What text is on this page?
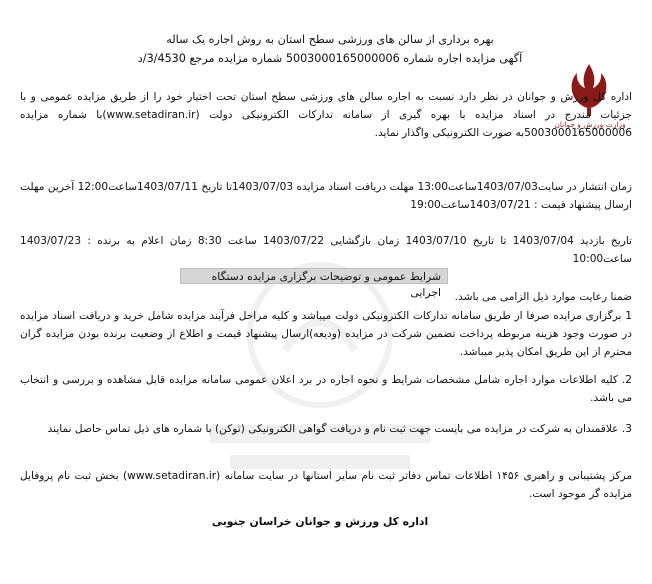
وزارت ورزش و جوانان
بهره برداری از سالن های ورزشی سطح استان به روش اجاره یک ساله
آگهی مزایده اجاره شماره 5003000165000006 شماره مزایده مرجع 3/4530/د
اداره کل ورزش و جوانان در نظر دارد نسبت به اجاره سالن های ورزشی سطح استان تحت اختیار خود را از طریق مزایده عمومی و با جزئیات مندرج در اسناد مزایده با بهره گیری از سامانه تدارکات الکترونیکی دولت (www.setadiran.ir)با شماره مزایده 5003000165000006به صورت الکترونیکی واگذار نماید.
زمان انتشار در سایت1403/07/03ساعت13:00 مهلت دریافت اسناد مزایده 1403/07/03تا تاریخ 1403/07/11ساعت12:00 آخرین مهلت ارسال پیشنهاد قیمت : 1403/07/21ساعت19:00
تاریخ بازدید 1403/07/04 تا تاریخ 1403/07/10 زمان بازگشایی 1403/07/22 ساعت 8:30 زمان اعلام به برنده : 1403/07/23 ساعت10:00
شرایط عمومی و توضیحات برگزاری مزایده دستگاه اجرایی	ضمنا رعایت موارد ذیل الزامی می باشد.
1 برگزاری مزایده صرفا از طریق سامانه تدارکات الکترونیکی دولت میباشد و کلیه مراحل فرآیند مزایده شامل خرید و دریافت اسناد مزایده در صورت وجود هزینه مربوطه پرداخت تضمین شرکت در مزایده (ودیعه)ارسال پیشنهاد قیمت و اطلاع از وضعیت برنده بودن مزایده گران محترم از این طریق امکان پذیر میباشد.
2. کلیه اطلاعات موارد اجاره شامل مشخصات شرایط و نحوه اجاره در برد اعلان عمومی سامانه مزایده قابل مشاهده و بررسی و انتخاب می باشد.
3. علاقمندان به شرکت در مزایده می بایست جهت ثبت نام و دریافت گواهی الکترونیکی (توکن) با شماره های ذیل تماس حاصل نمایند
مرکز پشتیبانی و راهبری ۱۴۵۶ اطلاعات تماس دفاتر ثبت نام سایر استانها در سایت سامانه (www.setadiran.ir) بخش ثبت نام پروفایل مزایده گر موجود است.
اداره کل ورزش و جوانان خراسان جنوبی
